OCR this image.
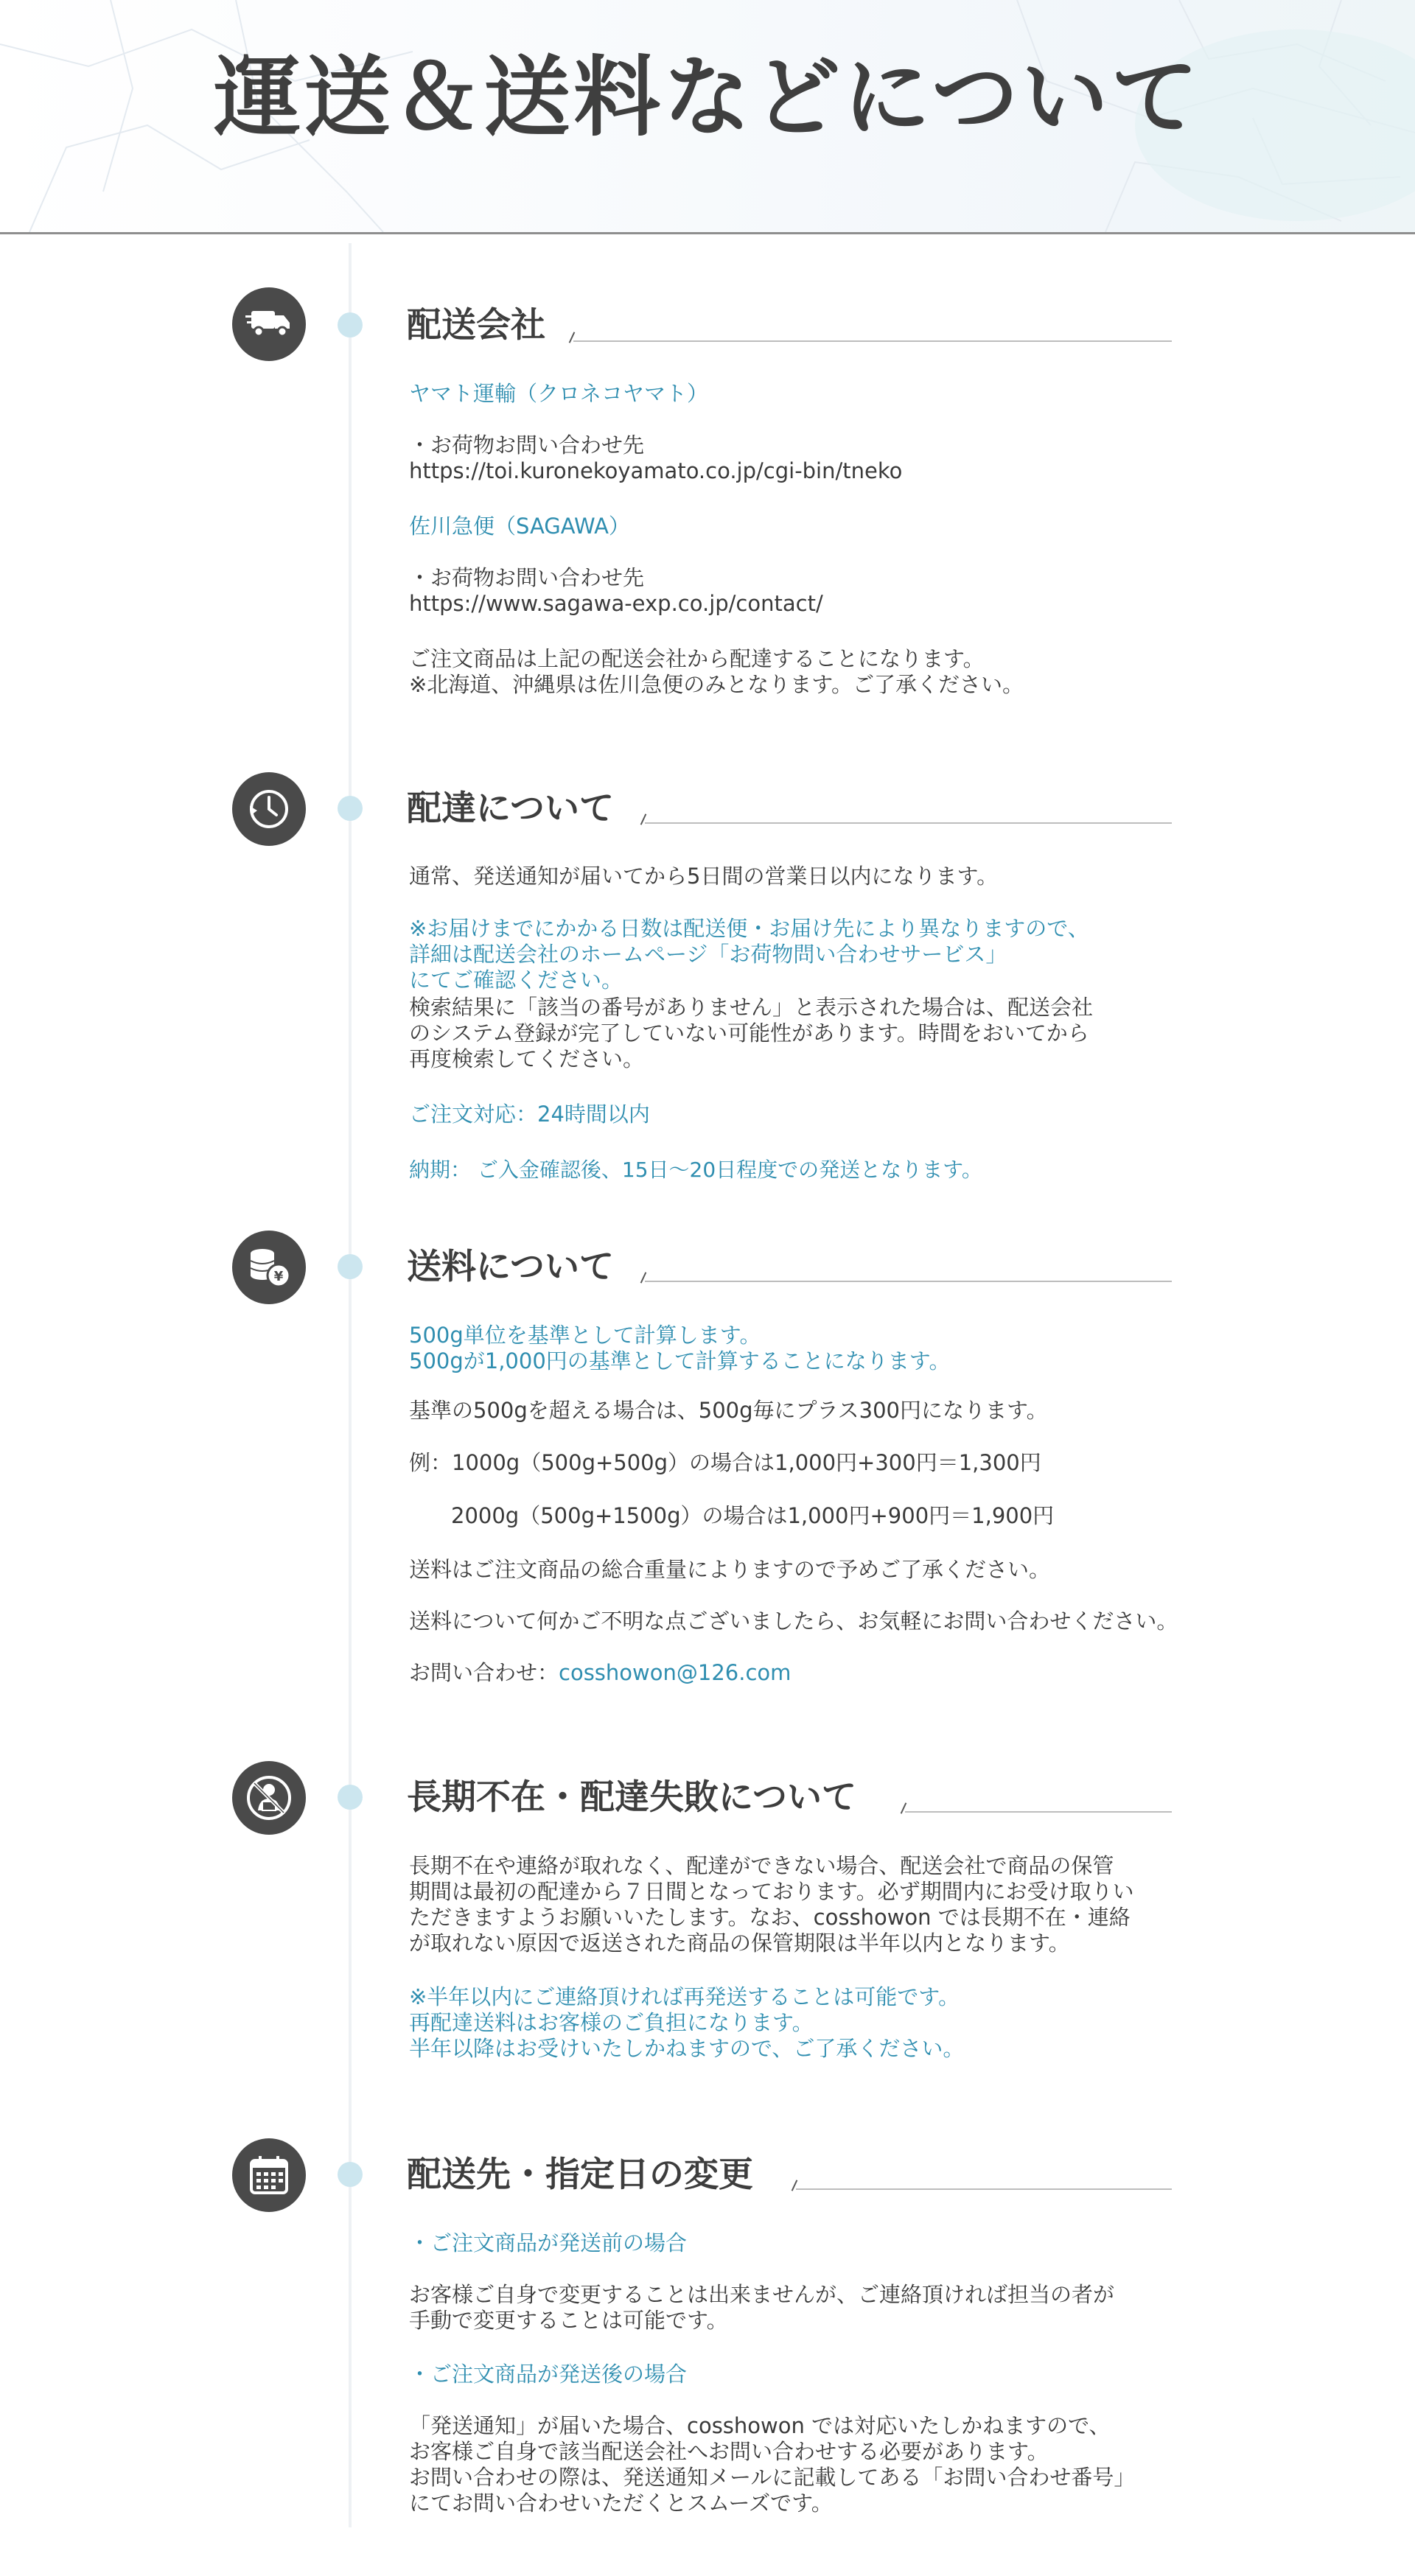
運送＆送料などについて
配送会社
ヤマト運輸（クロネコヤマト）
・お荷物お問い合わせ先
https://toi.kuronekoyamato.co.jp/cgi-bin/tneko
佐川急便（SAGAWA）
・お荷物お問い合わせ先
https://www.sagawa-exp.co.jp/contact/
ご注文商品は上記の配送会社から配達することになります。
※北海道、沖縄県は佐川急便のみとなります。ご了承ください。
配達について
通常、発送通知が届いてから5日間の営業日以内になります。
※お届けまでにかかる日数は配送便・お届け先により異なりますので、
詳細は配送会社のホームページ「お荷物問い合わせサービス」
にてご確認ください。
検索結果に「該当の番号がありません」と表示された場合は、配送会社
のシステム登録が完了していない可能性があります。時間をおいてから
再度検索してください。
ご注文対応：24時間以内
納期： ご入金確認後、15日～20日程度での発送となります。
¥	送料について
500g単位を基準として計算します。
500gが1,000円の基準として計算することになります。
基準の500gを超える場合は、500g毎にプラス300円になります。
例：1000g（500g+500g）の場合は1,000円+300円＝1,300円
2000g（500g+1500g）の場合は1,000円+900円＝1,900円
送料はご注文商品の総合重量によりますので予めご了承ください。
送料について何かご不明な点ございましたら、お気軽にお問い合わせください。
お問い合わせ：cosshowon@126.com
長期不在・配達失敗について
長期不在や連絡が取れなく、配達ができない場合、配送会社で商品の保管
期間は最初の配達から７日間となっております。必ず期間内にお受け取りい
ただきますようお願いいたします。なお、cosshowon では長期不在・連絡
が取れない原因で返送された商品の保管期限は半年以内となります。
※半年以内にご連絡頂ければ再発送することは可能です。
再配達送料はお客様のご負担になります。
半年以降はお受けいたしかねますので、ご了承ください。
配送先・指定日の変更
・ご注文商品が発送前の場合
お客様ご自身で変更することは出来ませんが、ご連絡頂ければ担当の者が
手動で変更することは可能です。
・ご注文商品が発送後の場合
「発送通知」が届いた場合、cosshowon では対応いたしかねますので、
お客様ご自身で該当配送会社へお問い合わせする必要があります。
お問い合わせの際は、発送通知メールに記載してある「お問い合わせ番号」
にてお問い合わせいただくとスムーズです。
